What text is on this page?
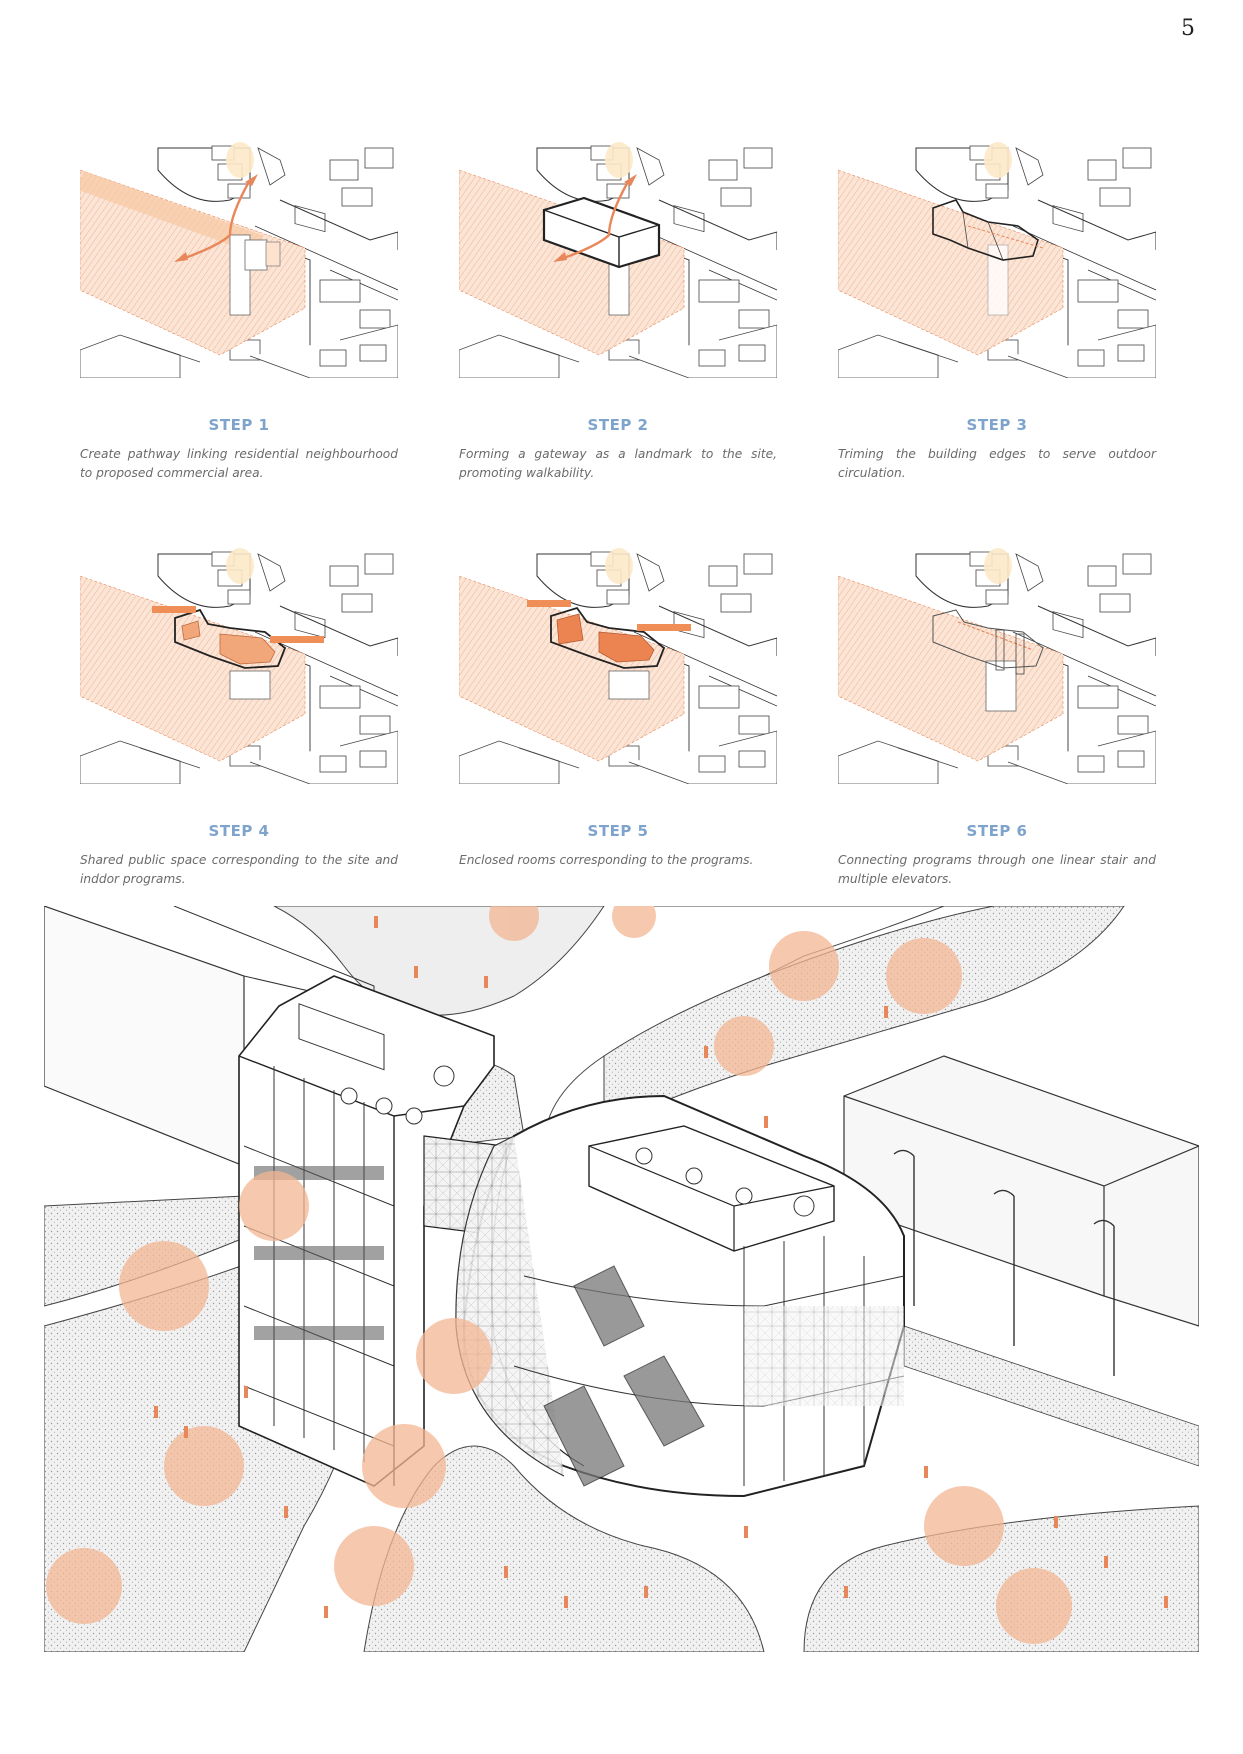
5
STEP 1
Create pathway linking residential neighbourhood to proposed commercial area.
STEP 2
Forming a gateway as a landmark to the site, promoting walkability.
STEP 3
Triming the building edges to serve outdoor circulation.
STEP 4
Shared public space corresponding to the site and inddor programs.
STEP 5
Enclosed rooms corresponding to the programs.
STEP 6
Connecting programs through one linear stair and multiple elevators.
